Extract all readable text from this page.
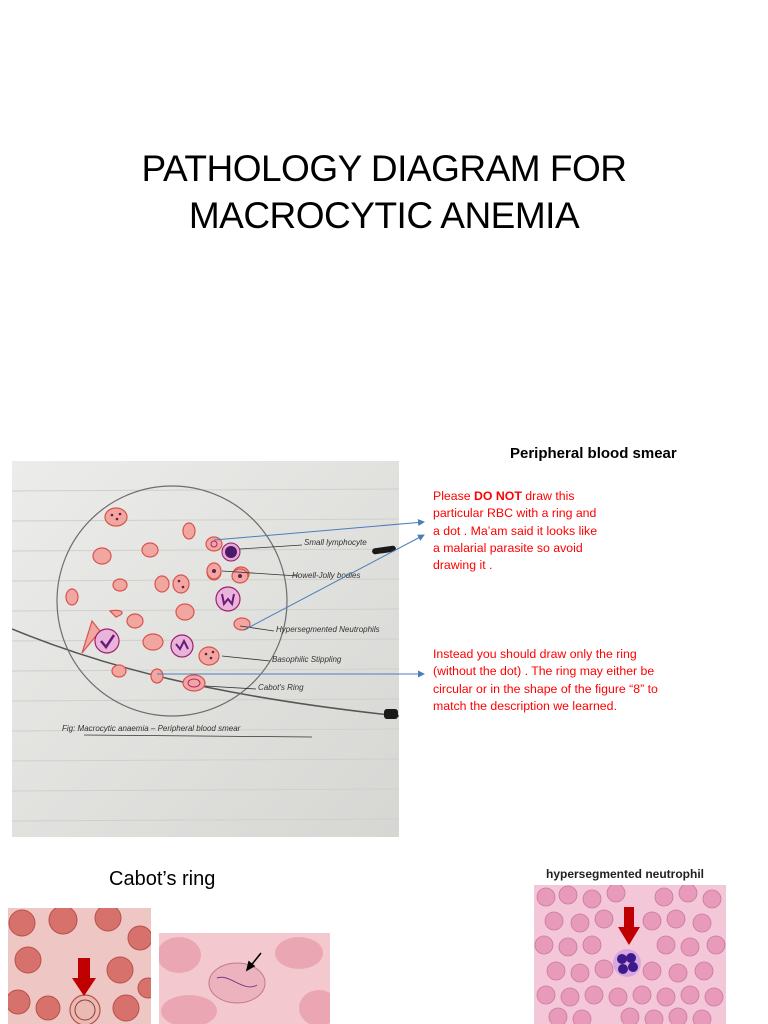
PATHOLOGY DIAGRAM FOR
MACROCYTIC ANEMIA
Peripheral blood smear
Small lymphocyte
Howell-Jolly bodies
Hypersegmented Neutrophils
Basophilic Stippling
Cabot's Ring
Fig: Macrocytic anaemia – Peripheral blood smear
Please DO NOT draw this particular RBC with a ring and a dot . Ma’am said it looks like a malarial parasite so avoid drawing it .
Instead you should draw only the ring (without the dot) . The ring may either be circular or in the shape of the figure “8” to match the description we learned.
Cabot’s ring	hypersegmented neutrophil
